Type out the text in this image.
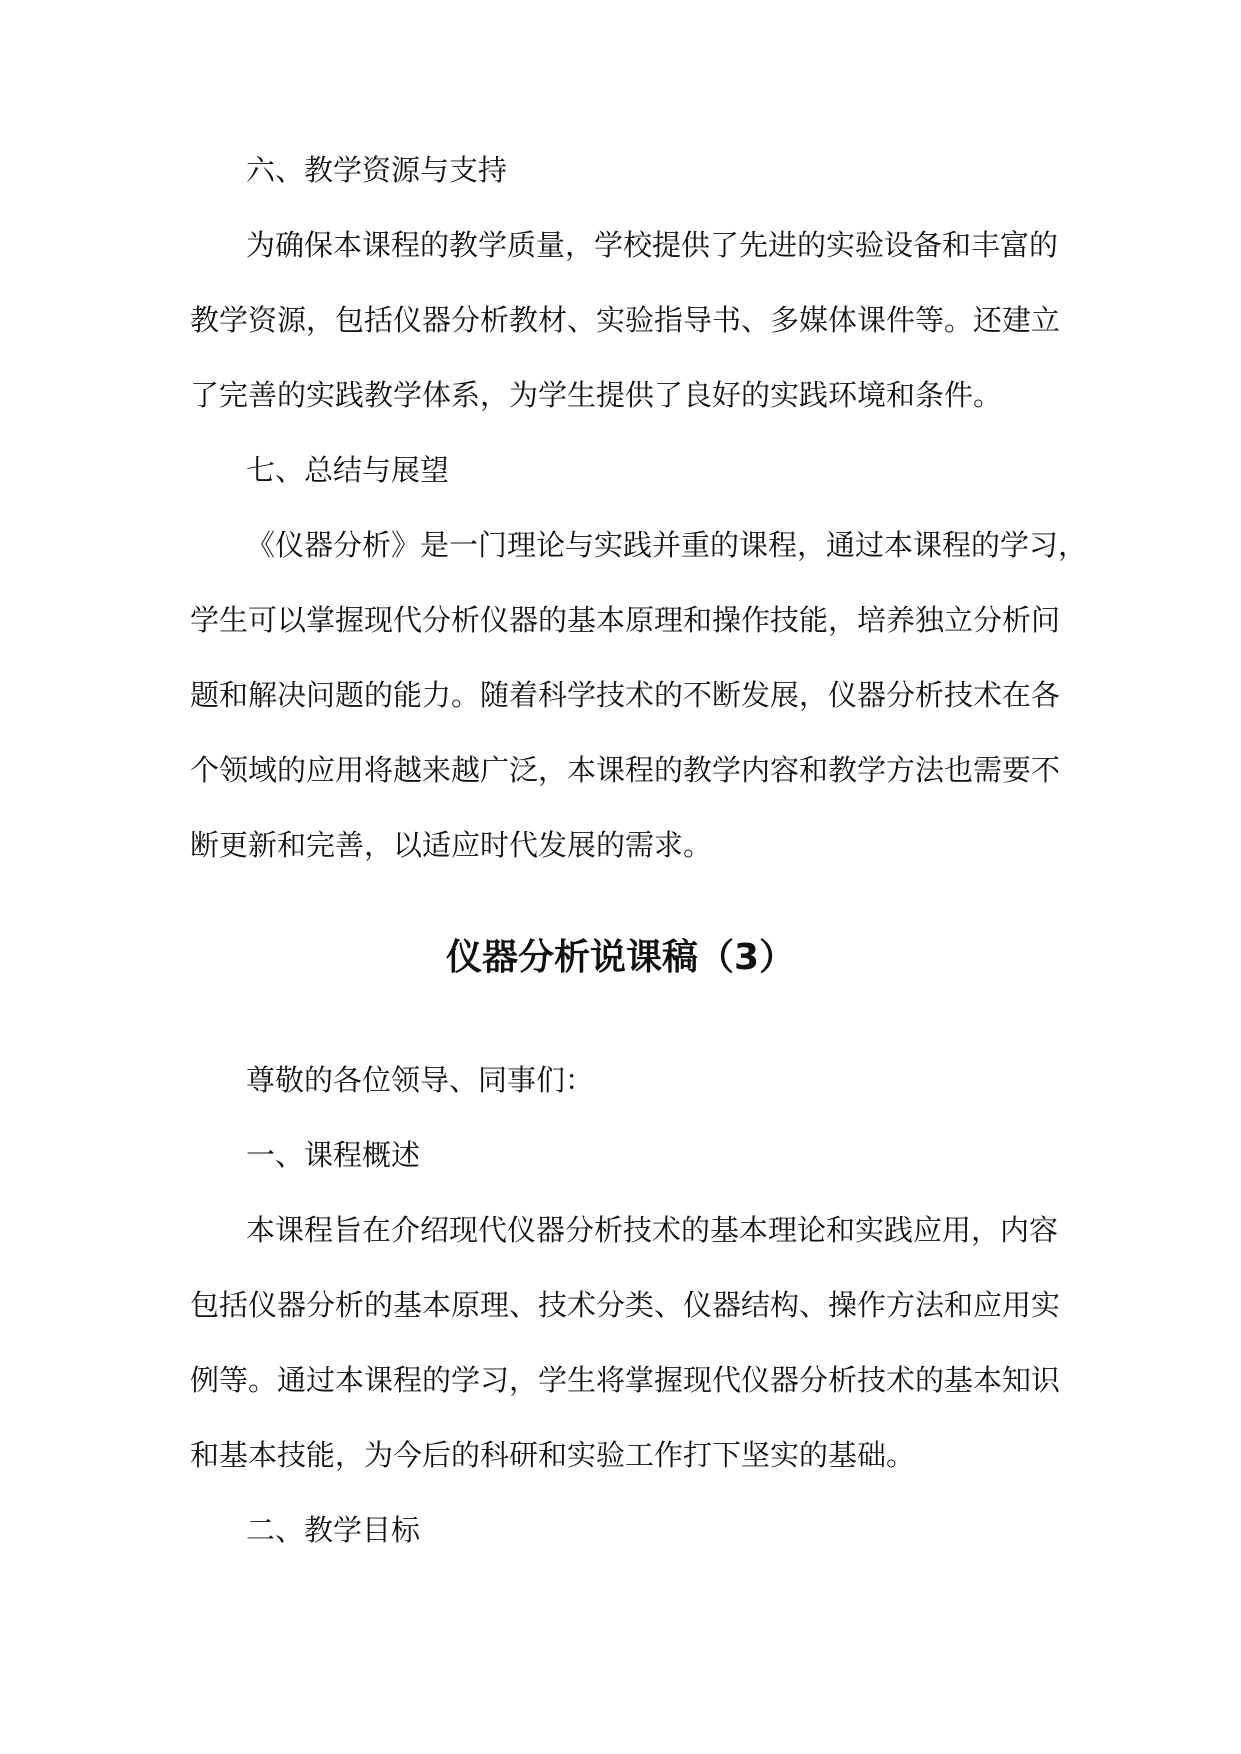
六、教学资源与支持
为确保本课程的教学质量，学校提供了先进的实验设备和丰富的
教学资源，包括仪器分析教材、实验指导书、多媒体课件等。还建立
了完善的实践教学体系，为学生提供了良好的实践环境和条件。
七、总结与展望
《仪器分析》是一门理论与实践并重的课程，通过本课程的学习，
学生可以掌握现代分析仪器的基本原理和操作技能，培养独立分析问
题和解决问题的能力。随着科学技术的不断发展，仪器分析技术在各
个领域的应用将越来越广泛，本课程的教学内容和教学方法也需要不
断更新和完善，以适应时代发展的需求。
仪器分析说课稿（3）
尊敬的各位领导、同事们：
一、课程概述
本课程旨在介绍现代仪器分析技术的基本理论和实践应用，内容
包括仪器分析的基本原理、技术分类、仪器结构、操作方法和应用实
例等。通过本课程的学习，学生将掌握现代仪器分析技术的基本知识
和基本技能，为今后的科研和实验工作打下坚实的基础。
二、教学目标
